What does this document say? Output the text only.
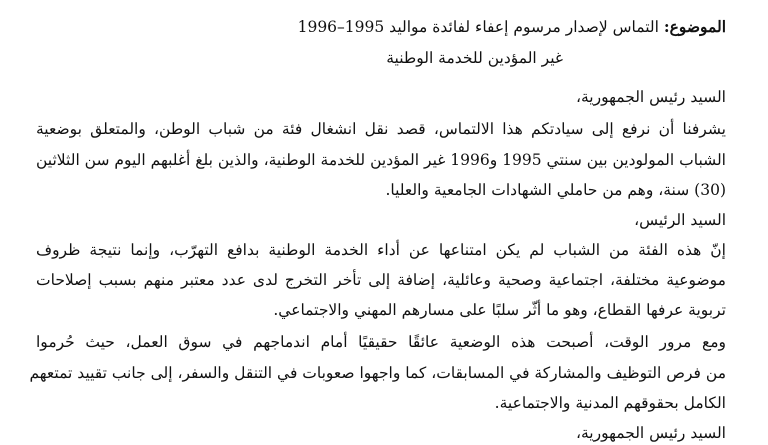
الموضوع: التماس لإصدار مرسوم إعفاء لفائدة مواليد 1995–1996
غير المؤدين للخدمة الوطنية
السيد رئيس الجمهورية،
يشرفنا أن نرفع إلى سيادتكم هذا الالتماس، قصد نقل انشغال فئة من شباب الوطن، والمتعلق بوضعية
الشباب المولودين بين سنتي 1995 و1996 غير المؤدين للخدمة الوطنية، والذين بلغ أغلبهم اليوم سن الثلاثين
(30) سنة، وهم من حاملي الشهادات الجامعية والعليا.
السيد الرئيس،
إنّ هذه الفئة من الشباب لم يكن امتناعها عن أداء الخدمة الوطنية بدافع التهرّب، وإنما نتيجة ظروف
موضوعية مختلفة، اجتماعية وصحية وعائلية، إضافة إلى تأخر التخرج لدى عدد معتبر منهم بسبب إصلاحات
تربوية عرفها القطاع، وهو ما أثّر سلبًا على مسارهم المهني والاجتماعي.
ومع مرور الوقت، أصبحت هذه الوضعية عائقًا حقيقيًا أمام اندماجهم في سوق العمل، حيث حُرموا
من فرص التوظيف والمشاركة في المسابقات، كما واجهوا صعوبات في التنقل والسفر، إلى جانب تقييد تمتعهم
الكامل بحقوقهم المدنية والاجتماعية.
السيد رئيس الجمهورية،
